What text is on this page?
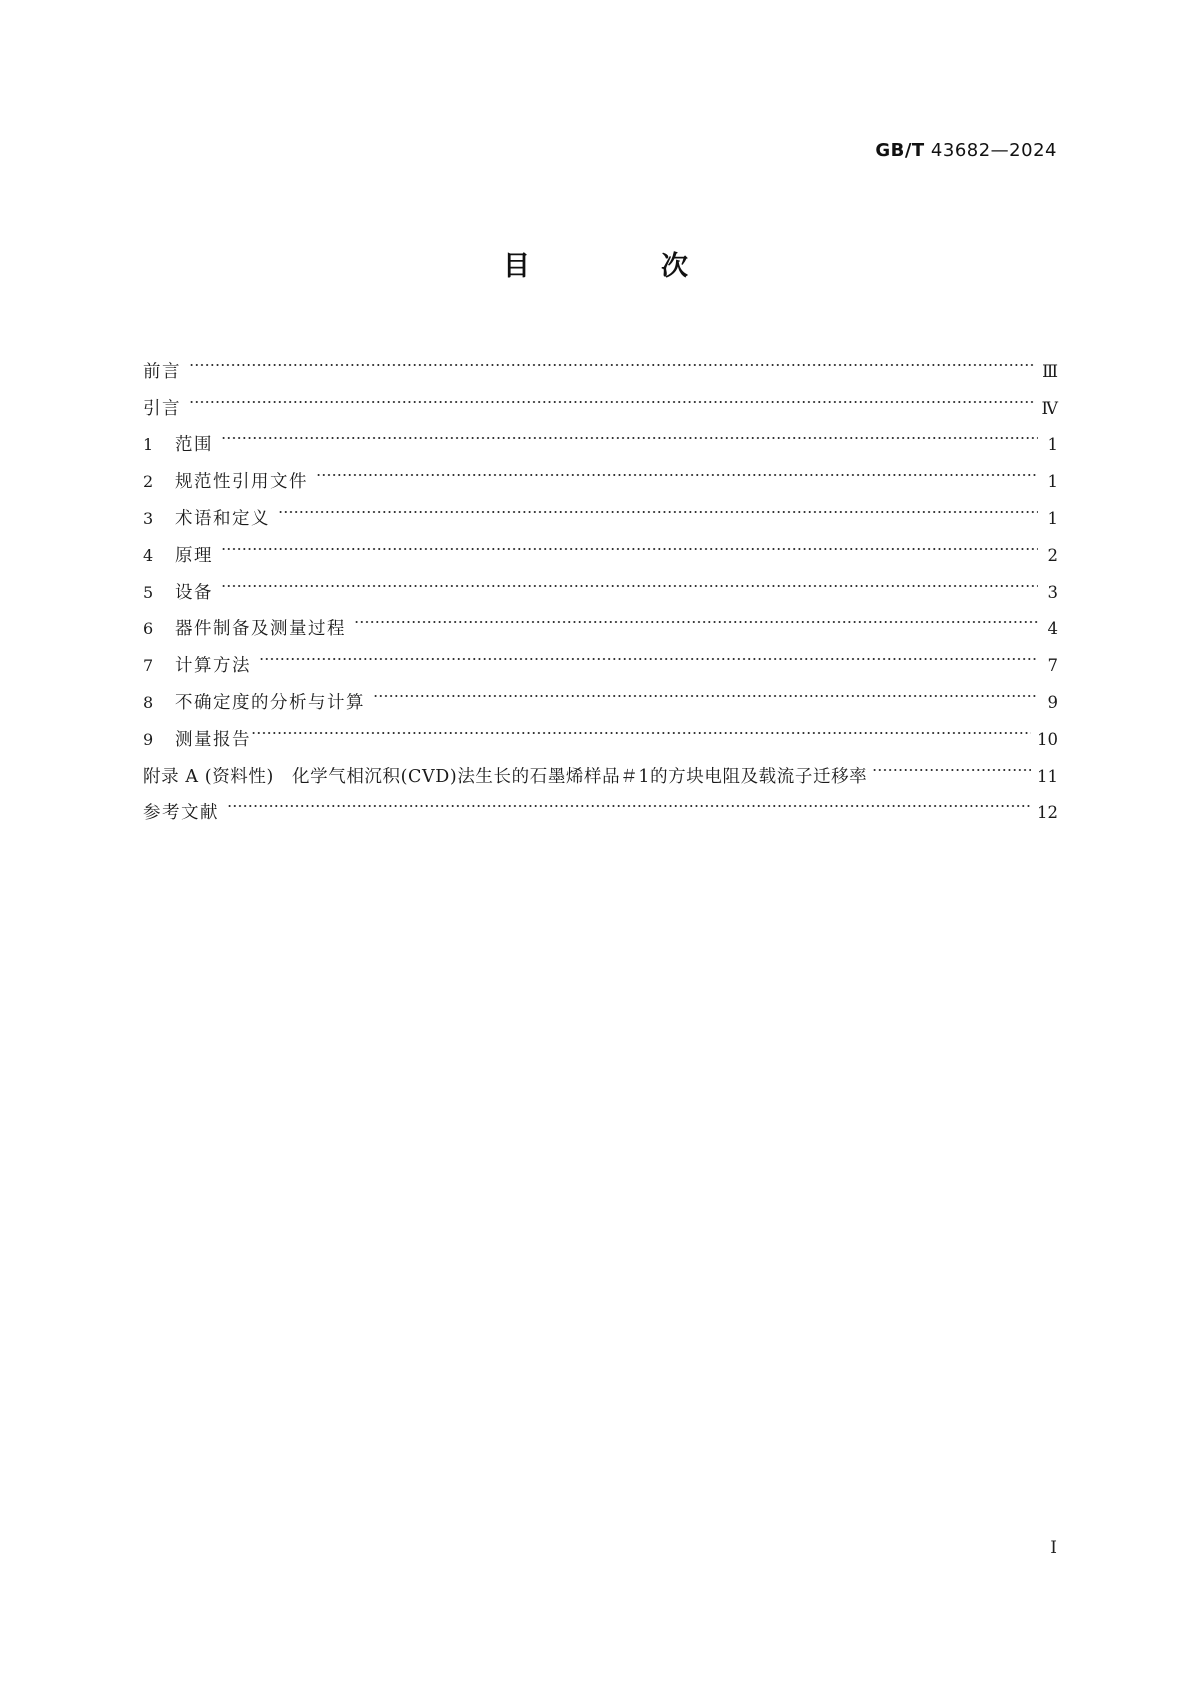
GB/T 43682—2024
目　次
前言	Ⅲ
引言	Ⅳ
1	范围	1
2	规范性引用文件	1
3	术语和定义	1
4	原理	2
5	设备	3
6	器件制备及测量过程	4
7	计算方法	7
8	不确定度的分析与计算	9
9	测量报告	10
附录 A (资料性)　化学气相沉积(CVD)法生长的石墨烯样品＃1的方块电阻及载流子迁移率	11
参考文献	12
Ⅰ
